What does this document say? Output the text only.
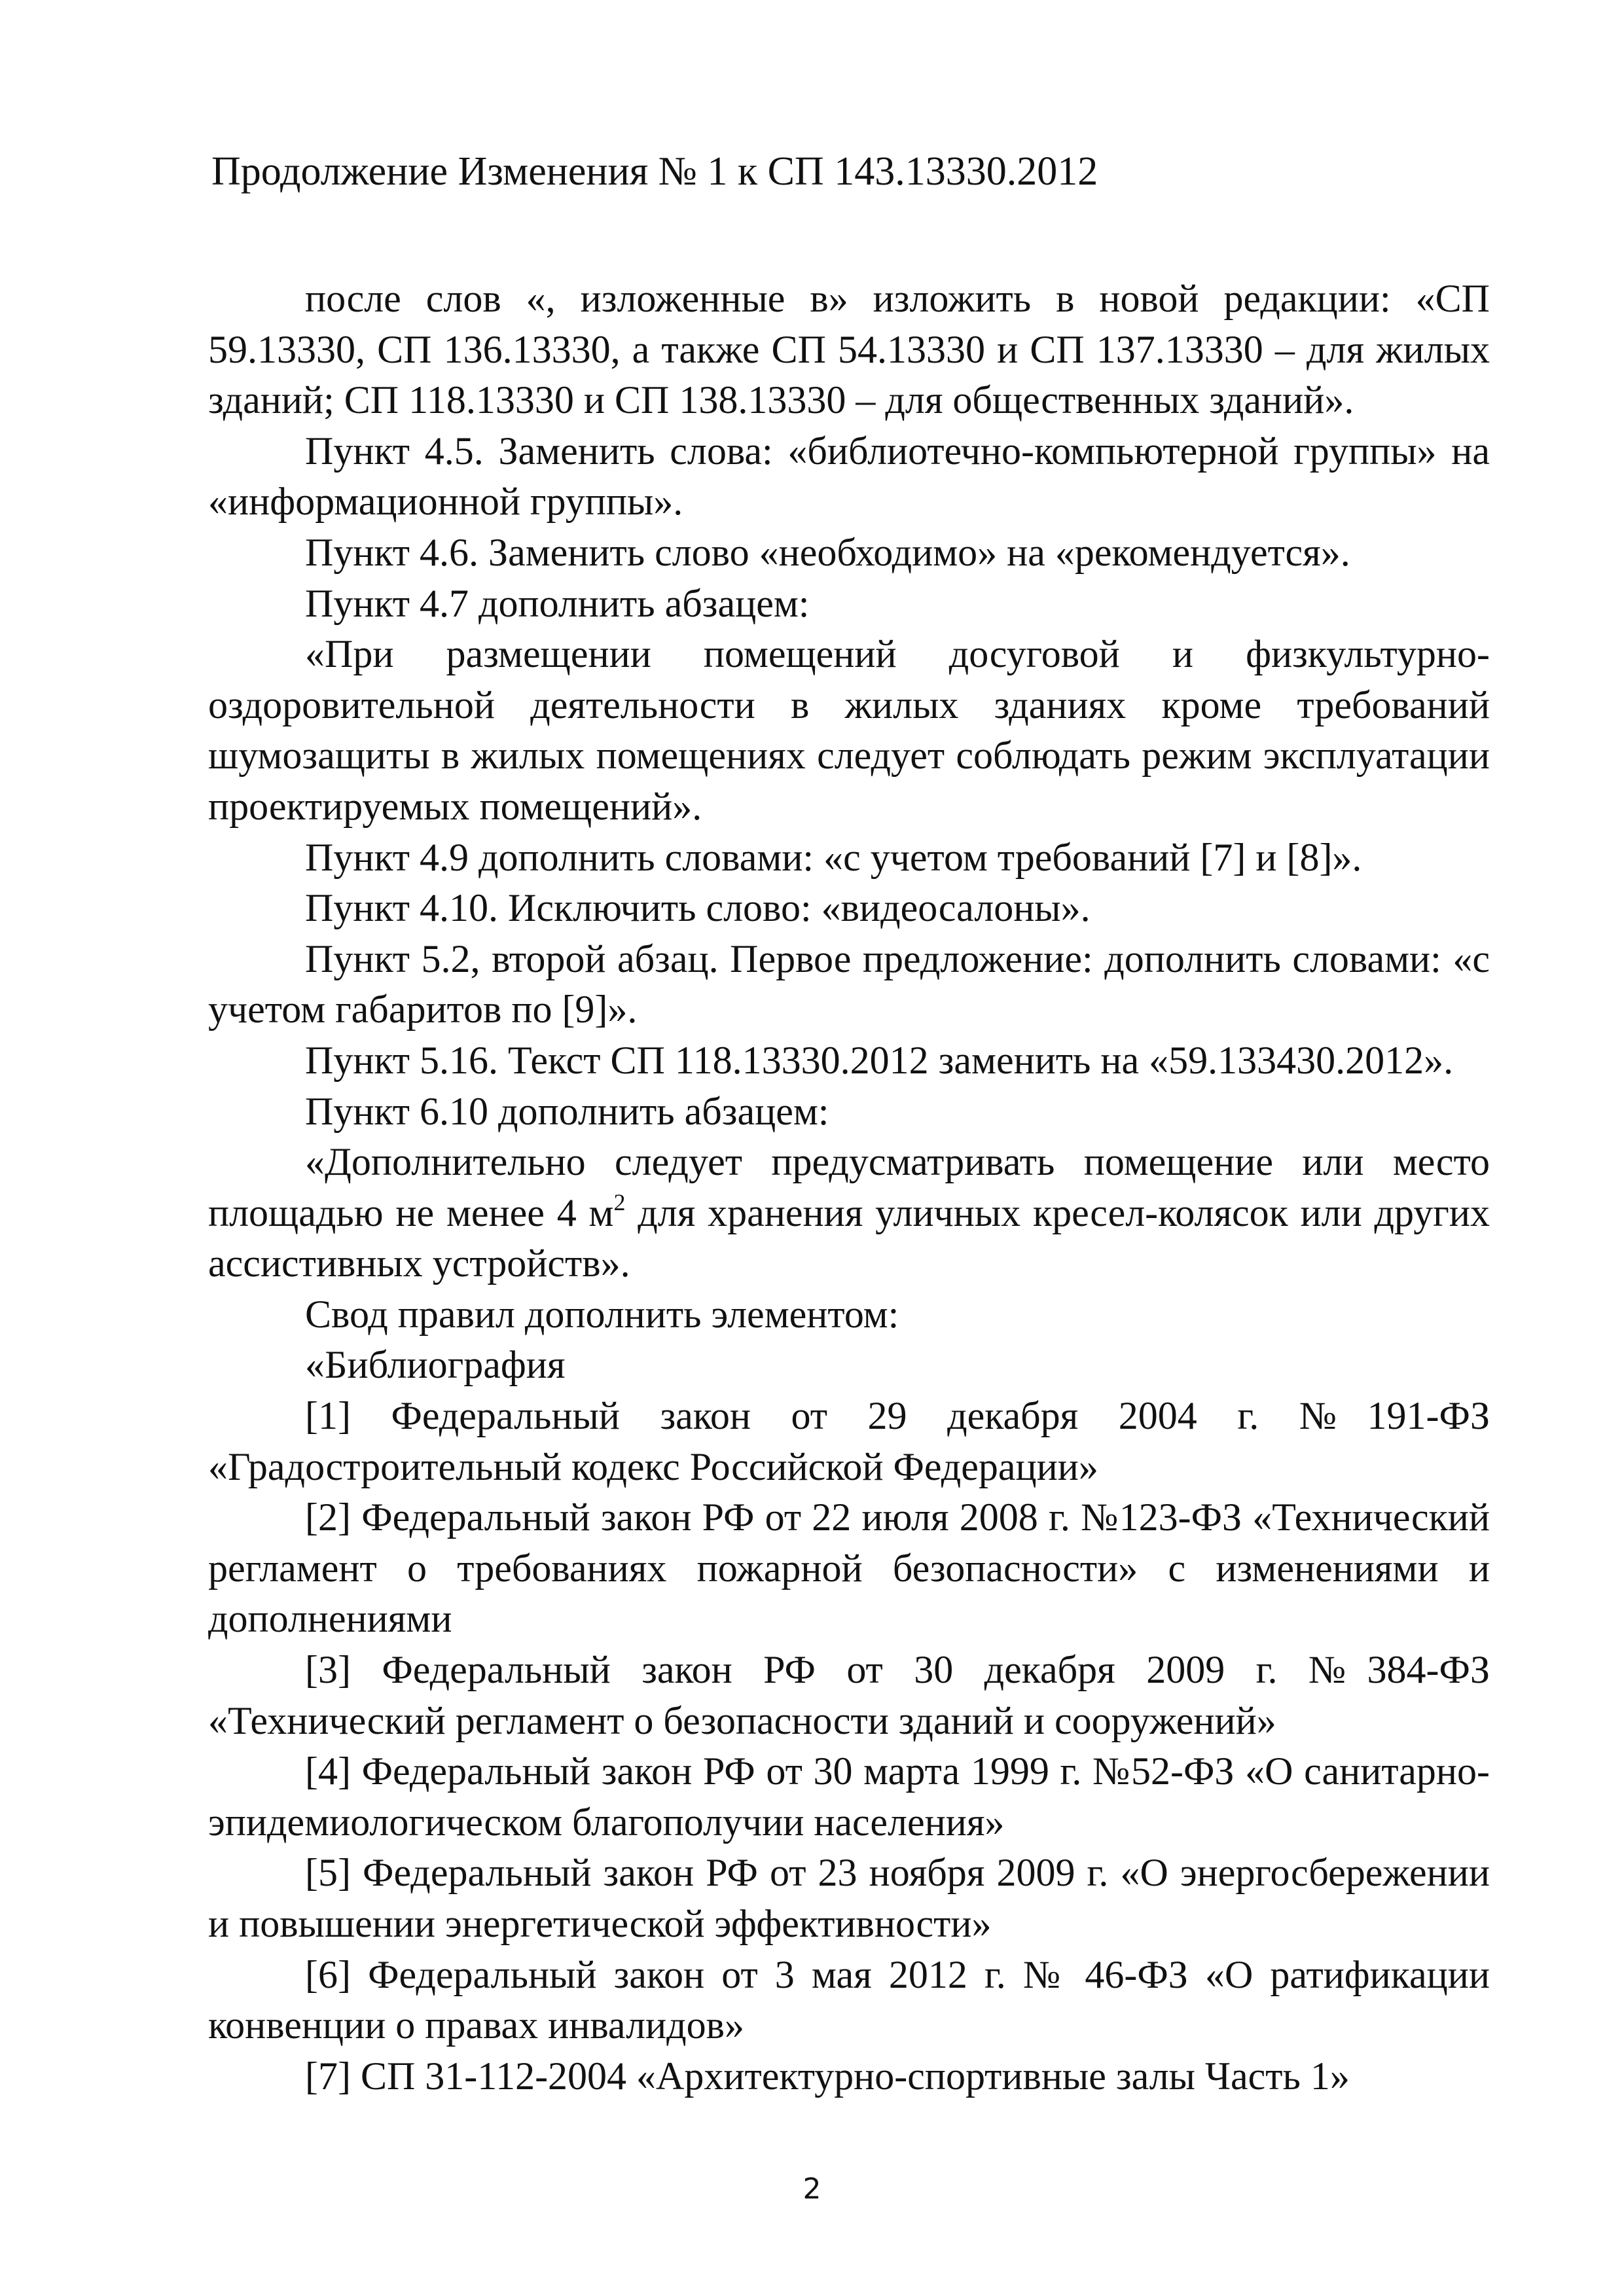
Продолжение Изменения № 1 к СП 143.13330.2012

после слов «, изложенные в» изложить в новой редакции: «СП 59.13330, СП 136.13330, а также СП 54.13330 и СП 137.13330 – для жилых зданий; СП 118.13330 и СП 138.13330 – для общественных зданий».

Пункт 4.5. Заменить слова: «библиотечно-компьютерной группы» на «информационной группы».

Пункт 4.6. Заменить слово «необходимо» на «рекомендуется».

Пункт 4.7 дополнить абзацем:

«При размещении помещений досуговой и физкультурно-оздоровительной деятельности в жилых зданиях кроме требований шумозащиты в жилых помещениях следует соблюдать режим эксплуатации проектируемых помещений».

Пункт 4.9 дополнить словами: «с учетом требований [7] и [8]».

Пункт 4.10. Исключить слово: «видеосалоны».

Пункт 5.2, второй абзац. Первое предложение: дополнить словами: «с учетом габаритов по [9]».

Пункт 5.16. Текст СП 118.13330.2012 заменить на «59.133430.2012».

Пункт 6.10 дополнить абзацем:

«Дополнительно следует предусматривать помещение или место площадью не менее 4 $м^2$ для хранения уличных кресел-колясок или других ассистивных устройств».

Свод правил дополнить элементом:

«Библиография

[1] Федеральный закон от 29 декабря 2004 г. №191-ФЗ «Градостроительный кодекс Российской Федерации»

[2] Федеральный закон РФ от 22 июля 2008 г. №123-ФЗ «Технический регламент о требованиях пожарной безопасности» с изменениями и дополнениями

[3] Федеральный закон РФ от 30 декабря 2009 г. №384-ФЗ «Технический регламент о безопасности зданий и сооружений»

[4] Федеральный закон РФ от 30 марта 1999 г. №52-ФЗ «О санитарно-эпидемиологическом благополучии населения»

[5] Федеральный закон РФ от 23 ноября 2009 г. «О энергосбережении и повышении энергетической эффективности»

[6] Федеральный закон от 3 мая 2012 г. № 46-ФЗ «О ратификации конвенции о правах инвалидов»

[7] СП 31-112-2004 «Архитектурно-спортивные залы Часть 1»

2
